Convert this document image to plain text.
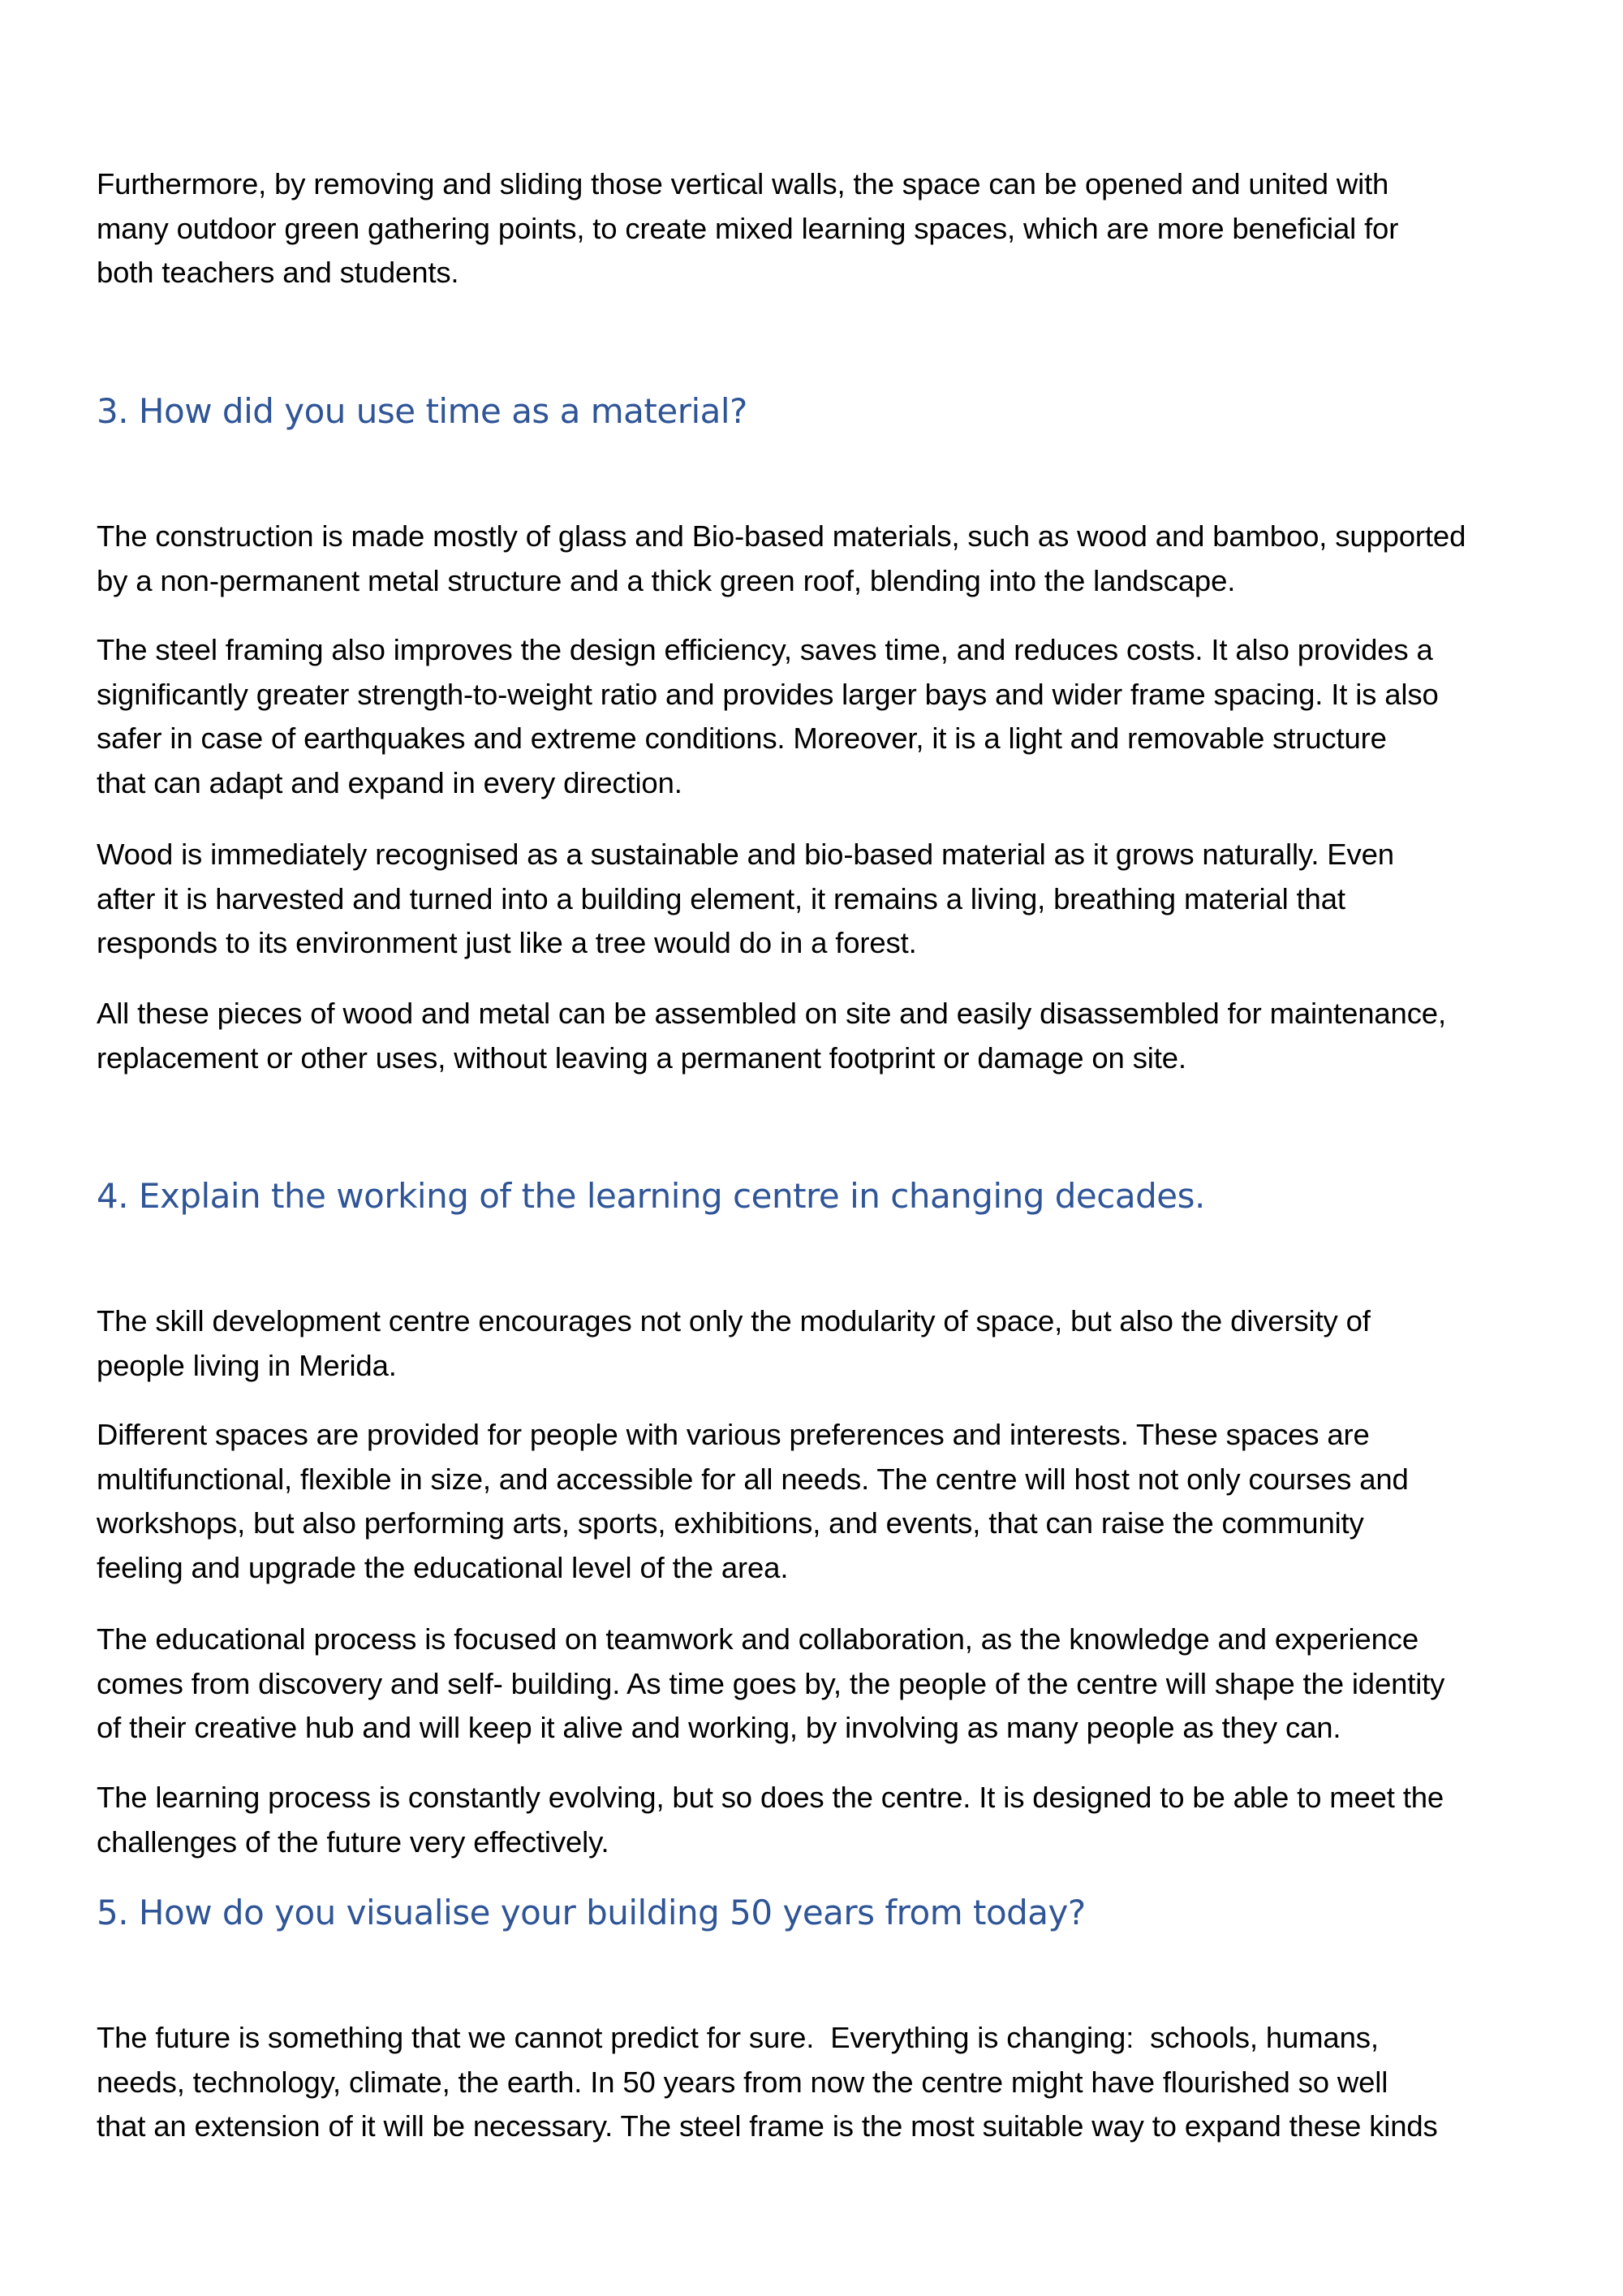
Furthermore, by removing and sliding those vertical walls, the space can be opened and united with
many outdoor green gathering points, to create mixed learning spaces, which are more beneficial for
both teachers and students.

3. How did you use time as a material?

The construction is made mostly of glass and Bio-based materials, such as wood and bamboo, supported
by a non-permanent metal structure and a thick green roof, blending into the landscape.

The steel framing also improves the design efficiency, saves time, and reduces costs. It also provides a
significantly greater strength-to-weight ratio and provides larger bays and wider frame spacing. It is also
safer in case of earthquakes and extreme conditions. Moreover, it is a light and removable structure
that can adapt and expand in every direction.

Wood is immediately recognised as a sustainable and bio-based material as it grows naturally. Even
after it is harvested and turned into a building element, it remains a living, breathing material that
responds to its environment just like a tree would do in a forest.

All these pieces of wood and metal can be assembled on site and easily disassembled for maintenance,
replacement or other uses, without leaving a permanent footprint or damage on site.

4. Explain the working of the learning centre in changing decades.

The skill development centre encourages not only the modularity of space, but also the diversity of
people living in Merida.

Different spaces are provided for people with various preferences and interests. These spaces are
multifunctional, flexible in size, and accessible for all needs. The centre will host not only courses and
workshops, but also performing arts, sports, exhibitions, and events, that can raise the community
feeling and upgrade the educational level of the area.

The educational process is focused on teamwork and collaboration, as the knowledge and experience
comes from discovery and self- building. As time goes by, the people of the centre will shape the identity
of their creative hub and will keep it alive and working, by involving as many people as they can.

The learning process is constantly evolving, but so does the centre. It is designed to be able to meet the
challenges of the future very effectively.

5. How do you visualise your building 50 years from today?

The future is something that we cannot predict for sure.  Everything is changing:  schools, humans,
needs, technology, climate, the earth. In 50 years from now the centre might have flourished so well
that an extension of it will be necessary. The steel frame is the most suitable way to expand these kinds
